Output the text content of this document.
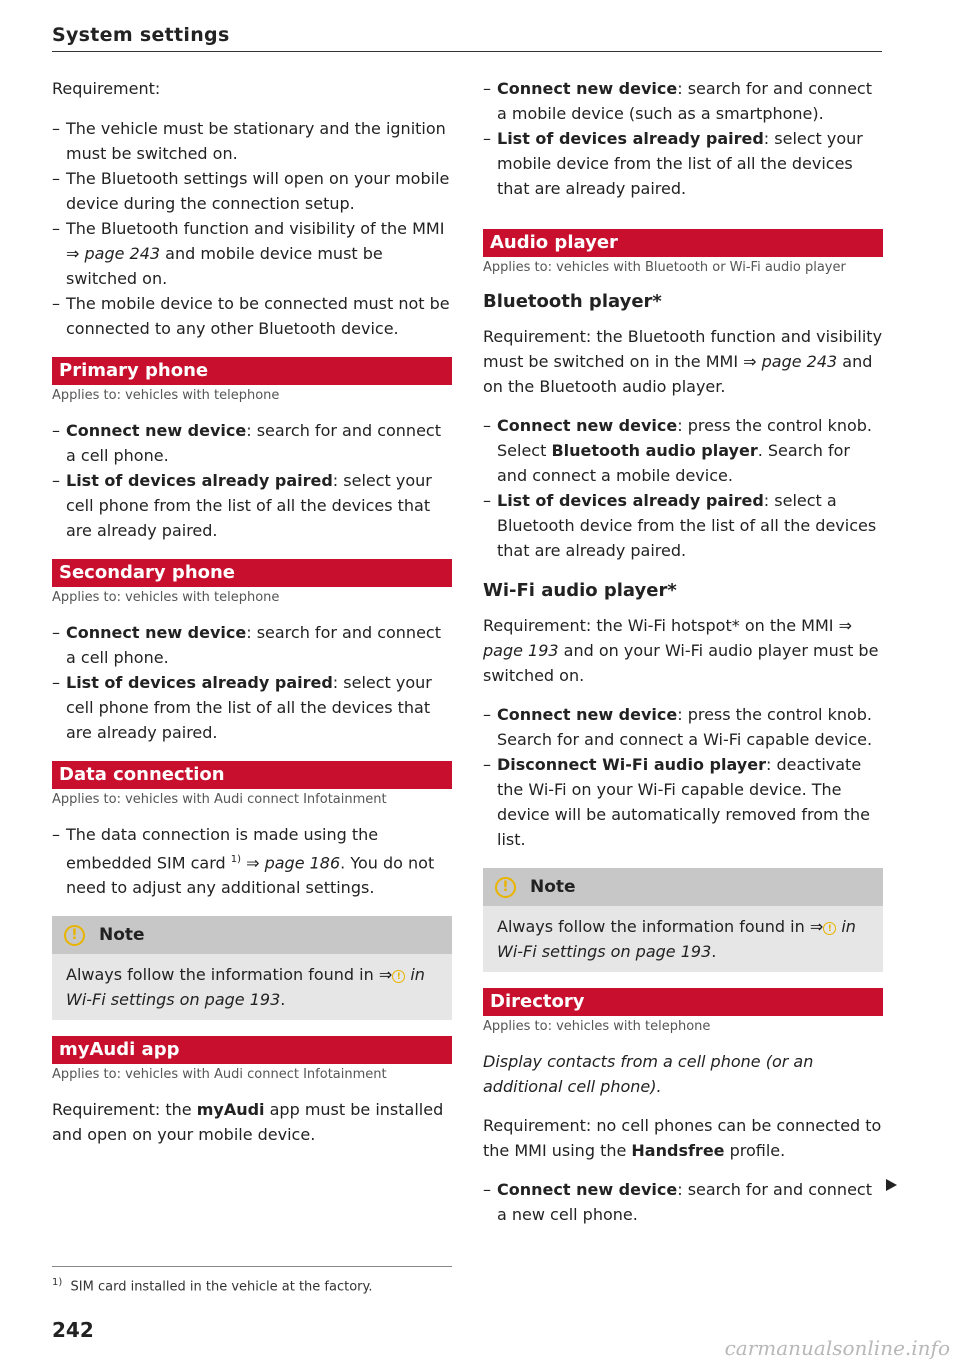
System settings

Requirement:

– The vehicle must be stationary and the ignition must be switched on.
– The Bluetooth settings will open on your mobile device during the connection setup.
– The Bluetooth function and visibility of the MMI ⇒ page 243 and mobile device must be switched on.
– The mobile device to be connected must not be connected to any other Bluetooth device.
Primary phone

Applies to: vehicles with telephone

– Connect new device: search for and connect a cell phone.
– List of devices already paired: select your cell phone from the list of all the devices that are already paired.
Secondary phone

Applies to: vehicles with telephone

– Connect new device: search for and connect a cell phone.
– List of devices already paired: select your cell phone from the list of all the devices that are already paired.
Data connection

Applies to: vehicles with Audi connect Infotainment

– The data connection is made using the embedded SIM card $^{1)}$ ⇒ page 186. You do not need to adjust any additional settings.
!	Note
Always follow the information found in ⇒ ! in Wi-Fi settings on page 193.
myAudi app

Applies to: vehicles with Audi connect Infotainment

Requirement: the myAudi app must be installed and open on your mobile device.

– Connect new device: search for and connect a mobile device (such as a smartphone).
– List of devices already paired: select your mobile device from the list of all the devices that are already paired.
Audio player

Applies to: vehicles with Bluetooth or Wi-Fi audio player

Bluetooth player*

Requirement: the Bluetooth function and visibility must be switched on in the MMI ⇒ page 243 and on the Bluetooth audio player.

– Connect new device: press the control knob. Select Bluetooth audio player. Search for and connect a mobile device.
– List of devices already paired: select a Bluetooth device from the list of all the devices that are already paired.
Wi-Fi audio player*

Requirement: the Wi-Fi hotspot* on the MMI ⇒ page 193 and on your Wi-Fi audio player must be switched on.

– Connect new device: press the control knob. Search for and connect a Wi-Fi capable device.
– Disconnect Wi-Fi audio player: deactivate the Wi-Fi on your Wi-Fi capable device. The device will be automatically removed from the list.
!	Note
Always follow the information found in ⇒ ! in Wi-Fi settings on page 193.
Directory

Applies to: vehicles with telephone

Display contacts from a cell phone (or an additional cell phone).

Requirement: no cell phones can be connected to the MMI using the Handsfree profile.

– Connect new device: search for and connect a new cell phone.
$^{1)}$ SIM card installed in the vehicle at the factory.
242
carmanualsonline.info
